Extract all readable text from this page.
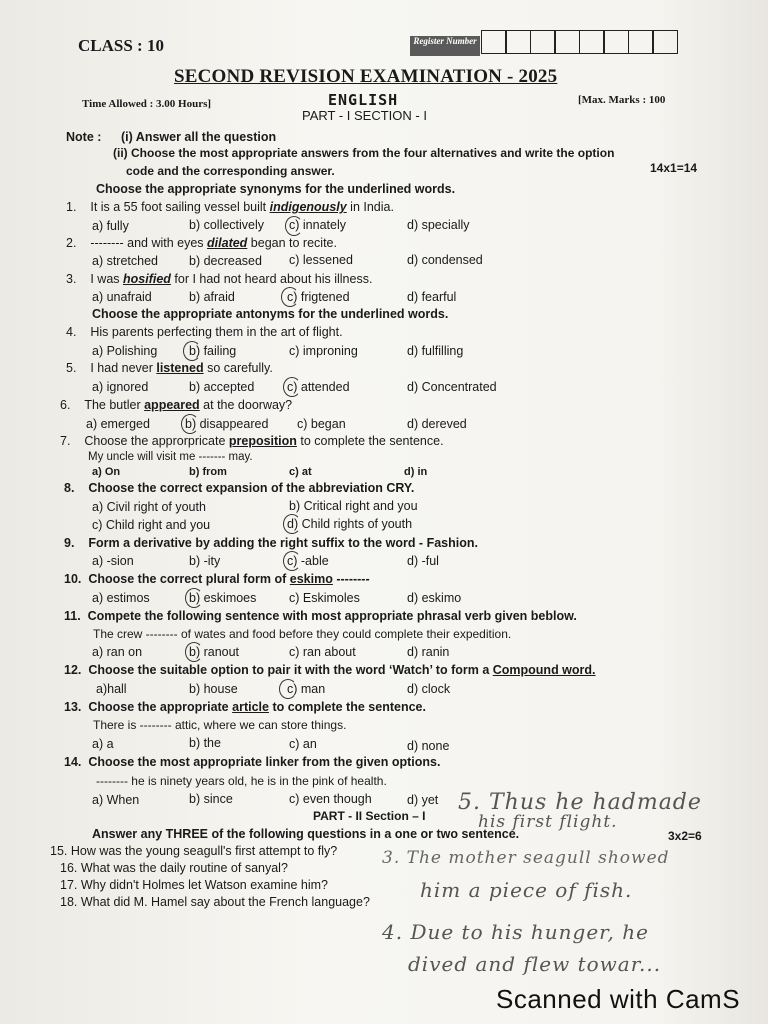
CLASS : 10	Register Number
SECOND REVISION EXAMINATION - 2025
Time Allowed : 3.00 Hours]	ENGLISH	[Max. Marks : 100
PART - I SECTION - I
Note : (i) Answer all the question
(ii) Choose the most appropriate answers from the four alternatives and write the option
code and the corresponding answer.	14x1=14
Choose the appropriate synonyms for the underlined words.
1. It is a 55 foot sailing vessel built indigenously in India.
a) fully	b) collectively c) innately	d) specially
2. -------- and with eyes dilated began to recite.
a) stretched b) decreased c) lessened	d) condensed
3. I was hosified for I had not heard about his illness.
a) unafraid	b) afraid	c) frigtened	d) fearful
Choose the appropriate antonyms for the underlined words.
4. His parents perfecting them in the art of flight.
a) Polishing	b) failing	c) improning	d) fulfilling
5. I had never listened so carefully.
a) ignored	b) accepted	c) attended	d) Concentrated
6. The butler appeared at the doorway?
a) emerged	b) disappeared c) began	d) dereved
7. Choose the approrpricate preposition to complete the sentence.
My uncle will visit me ------- may.
a) On	b) from	c) at	d) in
8. Choose the correct expansion of the abbreviation CRY.
a) Civil right of youth	b) Critical right and you
c) Child right and you	d) Child rights of youth
9. Form a derivative by adding the right suffix to the word - Fashion.
a) -sion	b) -ity	c) -able	d) -ful
10. Choose the correct plural form of eskimo --------
a) estimos	b) eskimoes	c) Eskimoles	d) eskimo
11. Compete the following sentence with most appropriate phrasal verb given beblow.
The crew -------- of wates and food before they could complete their expedition.
a) ran on	b) ranout	c) ran about	d) ranin
12. Choose the suitable option to pair it with the word ‘Watch’ to form a Compound word.
a)hall	b) house	c) man	d) clock
13. Choose the appropriate article to complete the sentence.
There is -------- attic, where we can store things.
a) a	b) the	c) an	d) none
14. Choose the most appropriate linker from the given options.
-------- he is ninety years old, he is in the pink of health.
a) When	b) since	c) even though	d) yet
PART - II Section – I
Answer any THREE of the following questions in a one or two sentence.	3x2=6
15. How was the young seagull's first attempt to fly?
16. What was the daily routine of sanyal?
17. Why didn't Holmes let Watson examine him?
18. What did M. Hamel say about the French language?
5. Thus he hadmade
his first flight.
3. The mother seagull showed
him a piece of fish.
4. Due to his hunger, he
dived and flew towar...
Scanned with CamS
